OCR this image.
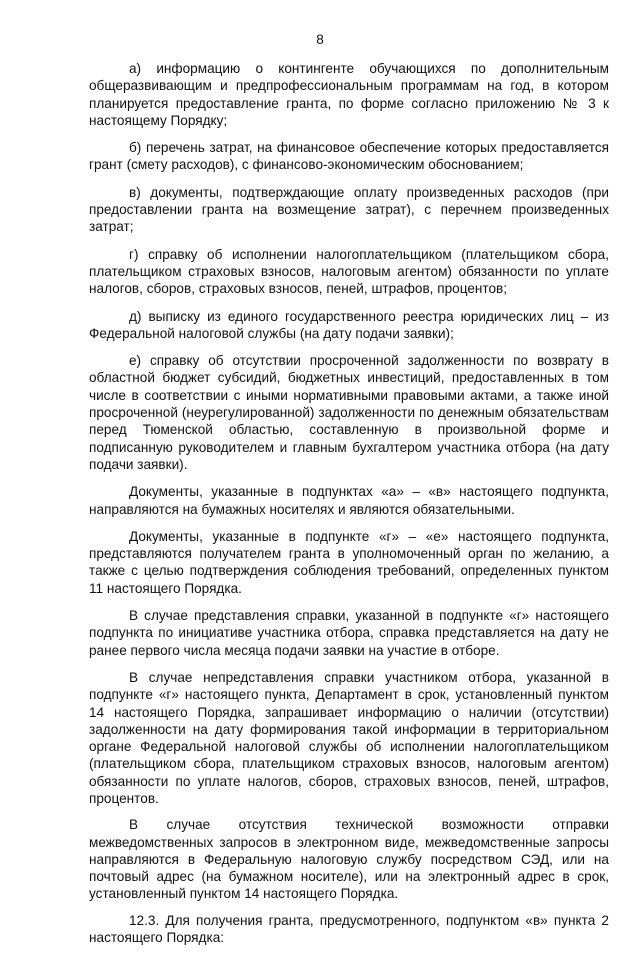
8

а) информацию о контингенте обучающихся по дополнительным общеразвивающим и предпрофессиональным программам на год, в котором планируется предоставление гранта, по форме согласно приложению № 3 к настоящему Порядку;

б) перечень затрат, на финансовое обеспечение которых предоставляется грант (смету расходов), с финансово-экономическим обоснованием;

в) документы, подтверждающие оплату произведенных расходов (при предоставлении гранта на возмещение затрат), с перечнем произведенных затрат;

г) справку об исполнении налогоплательщиком (плательщиком сбора, плательщиком страховых взносов, налоговым агентом) обязанности по уплате налогов, сборов, страховых взносов, пеней, штрафов, процентов;

д) выписку из единого государственного реестра юридических лиц – из Федеральной налоговой службы (на дату подачи заявки);

е) справку об отсутствии просроченной задолженности по возврату в областной бюджет субсидий, бюджетных инвестиций, предоставленных в том числе в соответствии с иными нормативными правовыми актами, а также иной просроченной (неурегулированной) задолженности по денежным обязательствам перед Тюменской областью, составленную в произвольной форме и подписанную руководителем и главным бухгалтером участника отбора (на дату подачи заявки).

Документы, указанные в подпунктах «а» – «в» настоящего подпункта, направляются на бумажных носителях и являются обязательными.

Документы, указанные в подпункте «г» – «е» настоящего подпункта, представляются получателем гранта в уполномоченный орган по желанию, а также с целью подтверждения соблюдения требований, определенных пунктом 11 настоящего Порядка.

В случае представления справки, указанной в подпункте «г» настоящего подпункта по инициативе участника отбора, справка представляется на дату не ранее первого числа месяца подачи заявки на участие в отборе.

В случае непредставления справки участником отбора, указанной в подпункте «г» настоящего пункта, Департамент в срок, установленный пунктом 14 настоящего Порядка, запрашивает информацию о наличии (отсутствии) задолженности на дату формирования такой информации в территориальном органе Федеральной налоговой службы об исполнении налогоплательщиком (плательщиком сбора, плательщиком страховых взносов, налоговым агентом) обязанности по уплате налогов, сборов, страховых взносов, пеней, штрафов, процентов.

В случае отсутствия технической возможности отправки межведомственных запросов в электронном виде, межведомственные запросы направляются в Федеральную налоговую службу посредством СЭД, или на почтовый адрес (на бумажном носителе), или на электронный адрес в срок, установленный пунктом 14 настоящего Порядка.

12.3. Для получения гранта, предусмотренного, подпунктом «в» пункта 2 настоящего Порядка:
